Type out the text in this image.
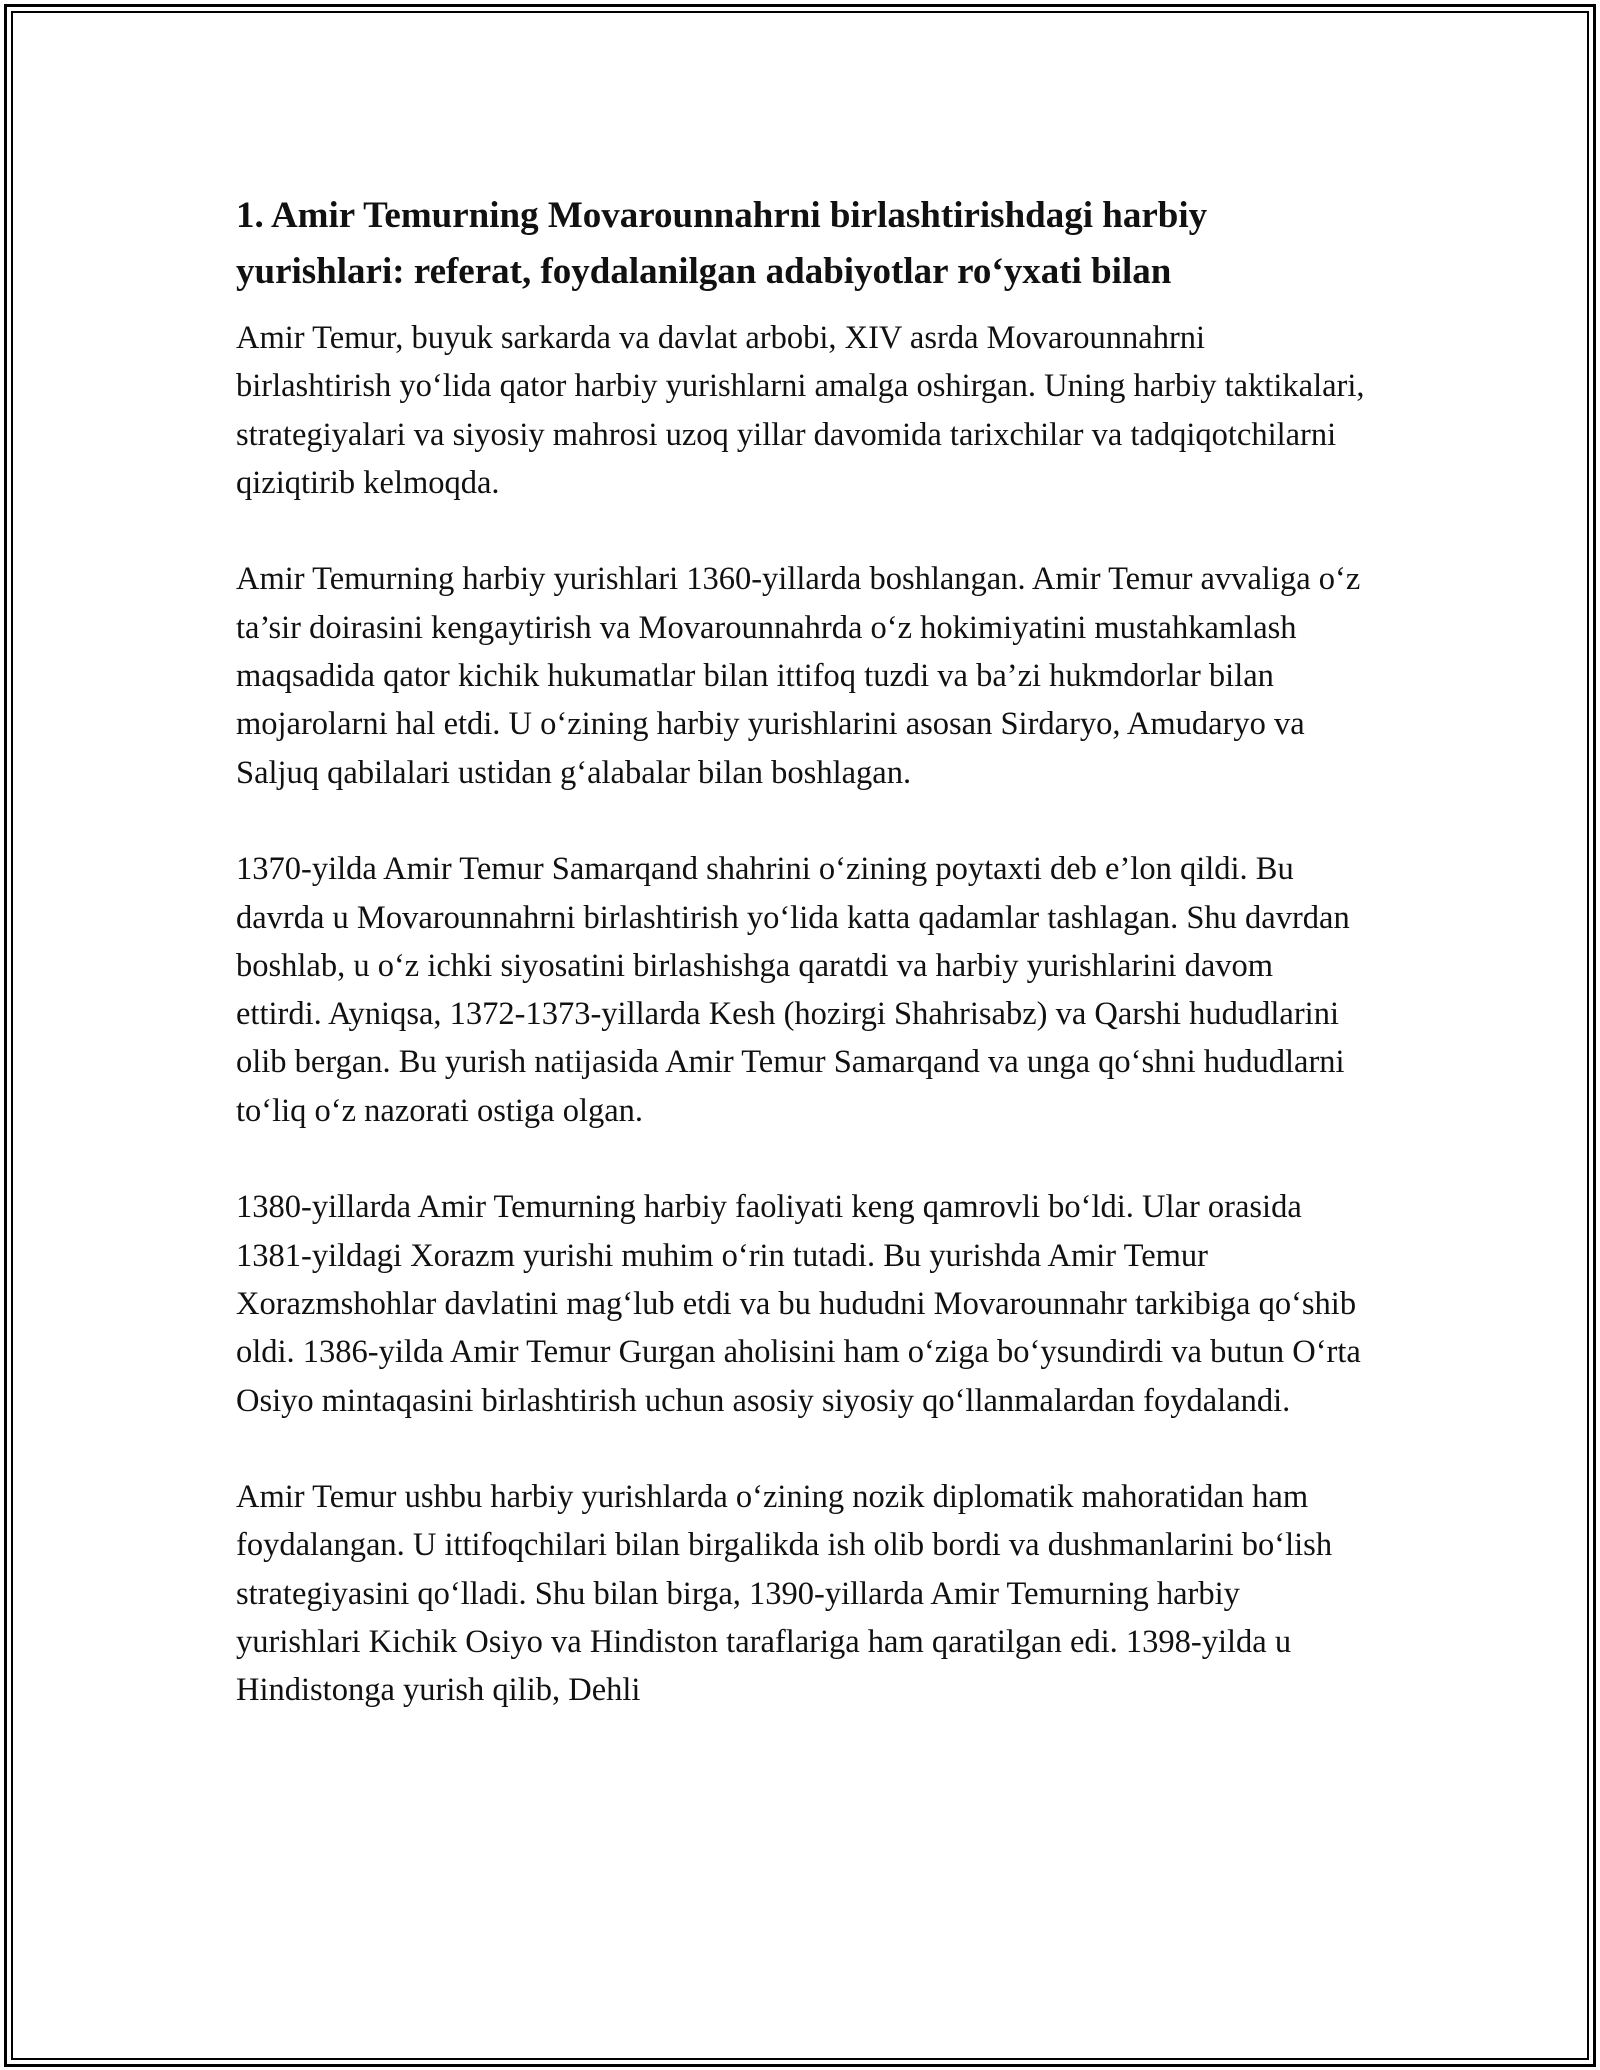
1. Amir Temurning Movarounnahrni birlashtirishdagi harbiy yurishlari: referat, foydalanilgan adabiyotlar ro‘yxati bilan

Amir Temur, buyuk sarkarda va davlat arbobi, XIV asrda Movarounnahrni birlashtirish yo‘lida qator harbiy yurishlarni amalga oshirgan. Uning harbiy taktikalari, strategiyalari va siyosiy mahrosi uzoq yillar davomida tarixchilar va tadqiqotchilarni qiziqtirib kelmoqda.

Amir Temurning harbiy yurishlari 1360-yillarda boshlangan. Amir Temur avvaliga o‘z ta’sir doirasini kengaytirish va Movarounnahrda o‘z hokimiyatini mustahkamlash maqsadida qator kichik hukumatlar bilan ittifoq tuzdi va ba’zi hukmdorlar bilan mojarolarni hal etdi. U o‘zining harbiy yurishlarini asosan Sirdaryo, Amudaryo va Saljuq qabilalari ustidan g‘alabalar bilan boshlagan.

1370-yilda Amir Temur Samarqand shahrini o‘zining poytaxti deb e’lon qildi. Bu davrda u Movarounnahrni birlashtirish yo‘lida katta qadamlar tashlagan. Shu davrdan boshlab, u o‘z ichki siyosatini birlashishga qaratdi va harbiy yurishlarini davom ettirdi. Ayniqsa, 1372-1373-yillarda Kesh (hozirgi Shahrisabz) va Qarshi hududlarini olib bergan. Bu yurish natijasida Amir Temur Samarqand va unga qo‘shni hududlarni to‘liq o‘z nazorati ostiga olgan.

1380-yillarda Amir Temurning harbiy faoliyati keng qamrovli bo‘ldi. Ular orasida 1381-yildagi Xorazm yurishi muhim o‘rin tutadi. Bu yurishda Amir Temur Xorazmshohlar davlatini mag‘lub etdi va bu hududni Movarounnahr tarkibiga qo‘shib oldi. 1386-yilda Amir Temur Gurgan aholisini ham o‘ziga bo‘ysundirdi va butun O‘rta Osiyo mintaqasini birlashtirish uchun asosiy siyosiy qo‘llanmalardan foydalandi.

Amir Temur ushbu harbiy yurishlarda o‘zining nozik diplomatik mahoratidan ham foydalangan. U ittifoqchilari bilan birgalikda ish olib bordi va dushmanlarini bo‘lish strategiyasini qo‘lladi. Shu bilan birga, 1390-yillarda Amir Temurning harbiy yurishlari Kichik Osiyo va Hindiston taraflariga ham qaratilgan edi. 1398-yilda u Hindistonga yurish qilib, Dehli
